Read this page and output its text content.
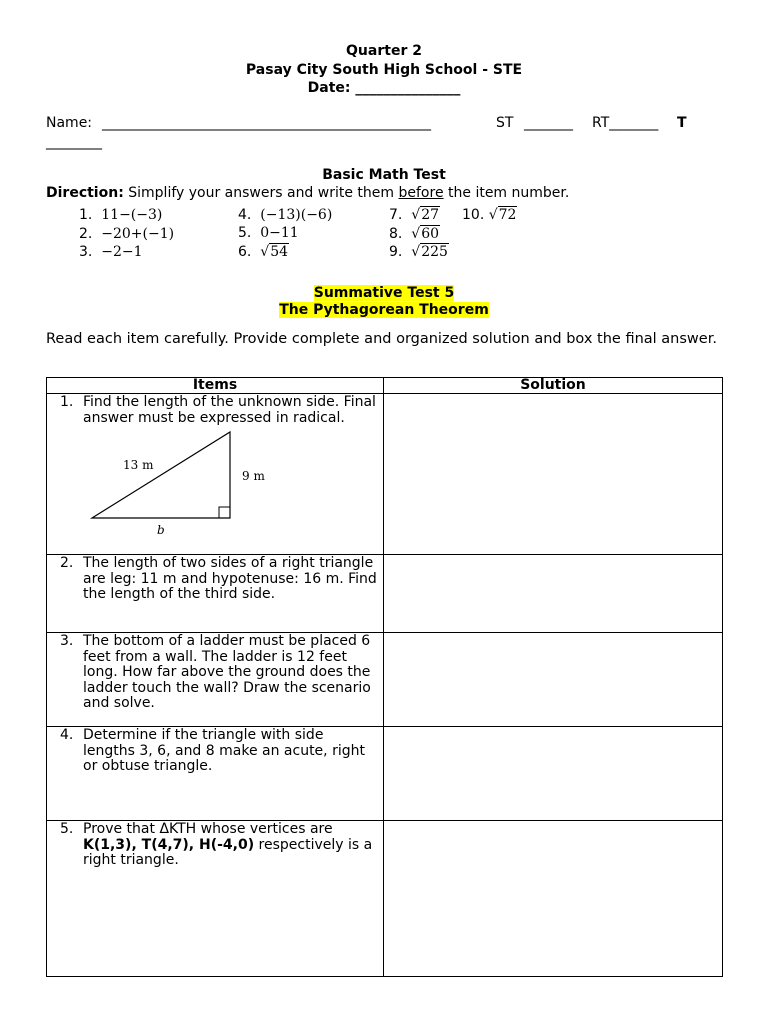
Quarter 2
Pasay City South High School - STE
Date: _______________
Name: _______________________________________________	ST _______ RT_______ T
________
Basic Math Test
Direction: Simplify your answers and write them before the item number.
1. 11−(−3)
2. −20+(−1)
3. −2−1
4. (−13)(−6)
5. 0−11
6. √54
7. √27
8. √60
9. √225
10. √72
Summative Test 5
The Pythagorean Theorem
Read each item carefully. Provide complete and organized solution and box the final answer.
Items	Solution

1. Find the length of the unknown side. Final answer must be expressed in radical.
13 m
9 m
b	

2. The length of two sides of a right triangle are leg: 11 m and hypotenuse: 16 m. Find the length of the third side.	

3. The bottom of a ladder must be placed 6 feet from a wall. The ladder is 12 feet long. How far above the ground does the ladder touch the wall? Draw the scenario and solve.	

4. Determine if the triangle with side lengths 3, 6, and 8 make an acute, right or obtuse triangle.	

5. Prove that ΔKTH whose vertices are K(1,3), T(4,7), H(-4,0) respectively is a right triangle.	
